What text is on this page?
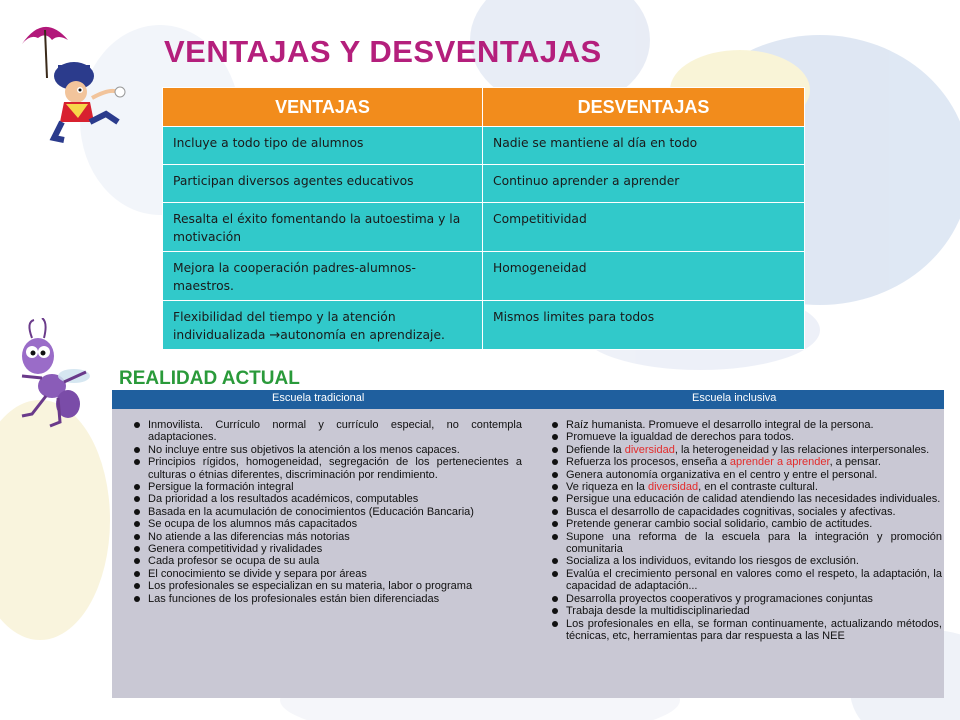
VENTAJAS Y DESVENTAJAS
VENTAJAS	DESVENTAJAS
Incluye a todo tipo de alumnos	Nadie se mantiene al día en todo
Participan diversos agentes educativos	Continuo aprender a aprender
Resalta el éxito fomentando la autoestima y la motivación	Competitividad
Mejora la cooperación padres-alumnos-maestros.	Homogeneidad
Flexibilidad del tiempo y la atención individualizada →autonomía en aprendizaje.	Mismos limites para todos
REALIDAD ACTUAL
Escuela tradicional	Escuela inclusiva
Inmovilista. Currículo normal y currículo especial, no contempla adaptaciones.
No incluye entre sus objetivos la atención a los menos capaces.
Principios rígidos, homogeneidad, segregación de los pertenecientes a culturas o étnias diferentes, discriminación por rendimiento.
Persigue la formación integral
Da prioridad a los resultados académicos, computables
Basada en la acumulación de conocimientos (Educación Bancaria)
Se ocupa de los alumnos más capacitados
No atiende a las diferencias más notorias
Genera competitividad y rivalidades
Cada profesor se ocupa de su aula
El conocimiento se divide y separa por áreas
Los profesionales se especializan en su materia, labor o programa
Las funciones de los profesionales están bien diferenciadas
Raíz humanista. Promueve el desarrollo integral de la persona.
Promueve la igualdad de derechos para todos.
Defiende la diversidad, la heterogeneidad y las relaciones interpersonales.
Refuerza los procesos, enseña a aprender a aprender, a pensar.
Genera autonomía organizativa en el centro y entre el personal.
Ve riqueza en la diversidad, en el contraste cultural.
Persigue una educación de calidad atendiendo las necesidades individuales.
Busca el desarrollo de capacidades cognitivas, sociales y afectivas.
Pretende generar cambio social solidario, cambio de actitudes.
Supone una reforma de la escuela para la integración y promoción comunitaria
Socializa a los individuos, evitando los riesgos de exclusión.
Evalúa el crecimiento personal en valores como el respeto, la adaptación, la capacidad de adaptación...
Desarrolla proyectos cooperativos y programaciones conjuntas
Trabaja desde la multidisciplinariedad
Los profesionales en ella, se forman continuamente, actualizando métodos, técnicas, etc, herramientas para dar respuesta a las NEE
